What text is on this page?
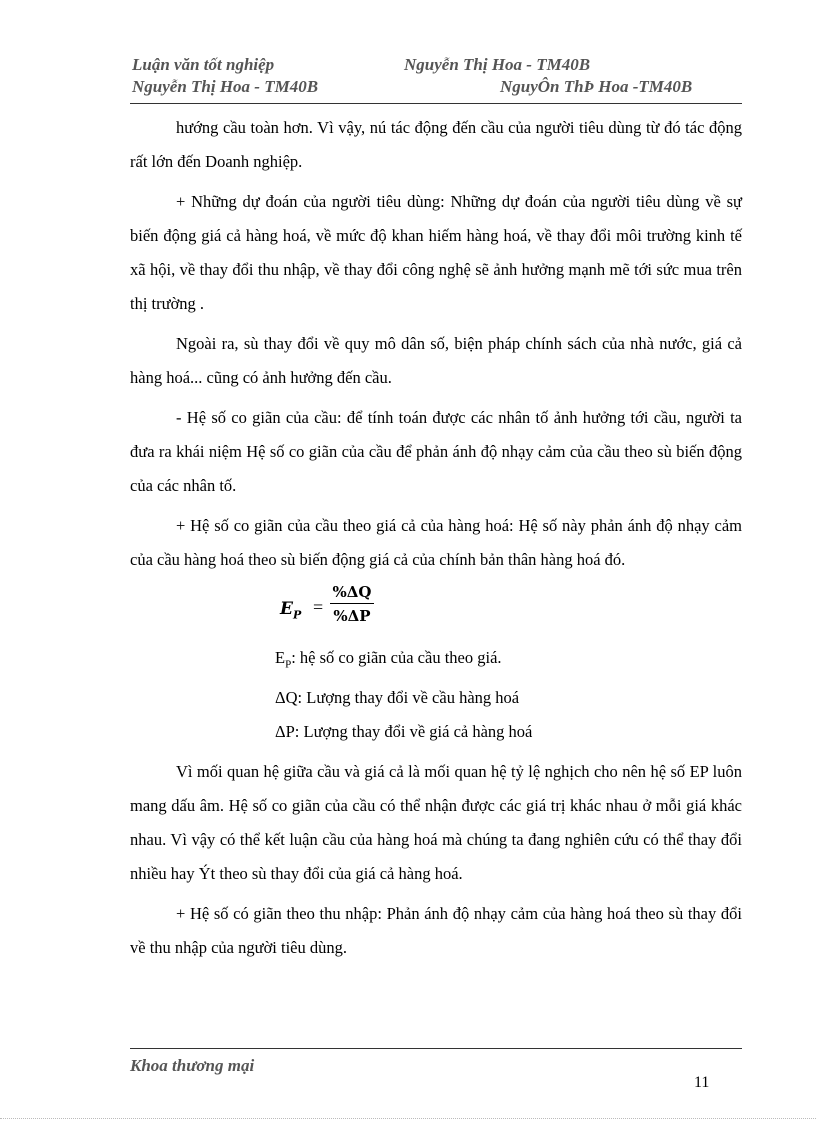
Luận văn tốt nghiệp	Nguyễn Thị Hoa - TM40B
Nguyễn Thị Hoa - TM40B	NguyÔn ThÞ Hoa -TM40B

hướng cầu toàn hơn. Vì vậy, nú tác động đến cầu của người tiêu dùng từ đó tác động rất lớn đến Doanh nghiệp.

+ Những dự đoán của người tiêu dùng: Những dự đoán của người tiêu dùng về sự biến động giá cả hàng hoá, về mức độ khan hiếm hàng hoá, về thay đổi môi trường kinh tế xã hội, về thay đổi thu nhập, về thay đổi công nghệ sẽ ảnh hưởng mạnh mẽ tới sức mua trên thị trường .

Ngoài ra, sù thay đổi về quy mô dân số, biện pháp chính sách của nhà nước, giá cả hàng hoá... cũng có ảnh hưởng đến cầu.

- Hệ số co giãn của cầu: để tính toán được các nhân tố ảnh hưởng tới cầu, người ta đưa ra khái niệm Hệ số co giãn của cầu để phản ánh độ nhạy cảm của cầu theo sù biến động của các nhân tố.

+ Hệ số co giãn của cầu theo giá cả của hàng hoá: Hệ số này phản ánh độ nhạy cảm của cầu hàng hoá theo sù biến động giá cả của chính bản thân hàng hoá đó.

$E_P$ =
%ΔQ
%ΔP

$E_P$: hệ số co giãn của cầu theo giá.

ΔQ: Lượng thay đổi về cầu hàng hoá

ΔP: Lượng thay đổi về giá cả hàng hoá

Vì mối quan hệ giữa cầu và giá cả là mối quan hệ tỷ lệ nghịch cho nên hệ số EP luôn mang dấu âm. Hệ số co giãn của cầu có thể nhận được các giá trị khác nhau ở mỗi giá khác nhau. Vì vậy có thể kết luận cầu của hàng hoá mà chúng ta đang nghiên cứu có thể thay đổi nhiều hay Ýt theo sù thay đổi của giá cả hàng hoá.

+ Hệ số có giãn theo thu nhập: Phản ánh độ nhạy cảm của hàng hoá theo sù thay đổi về thu nhập của người tiêu dùng.

Khoa thương mại
11
